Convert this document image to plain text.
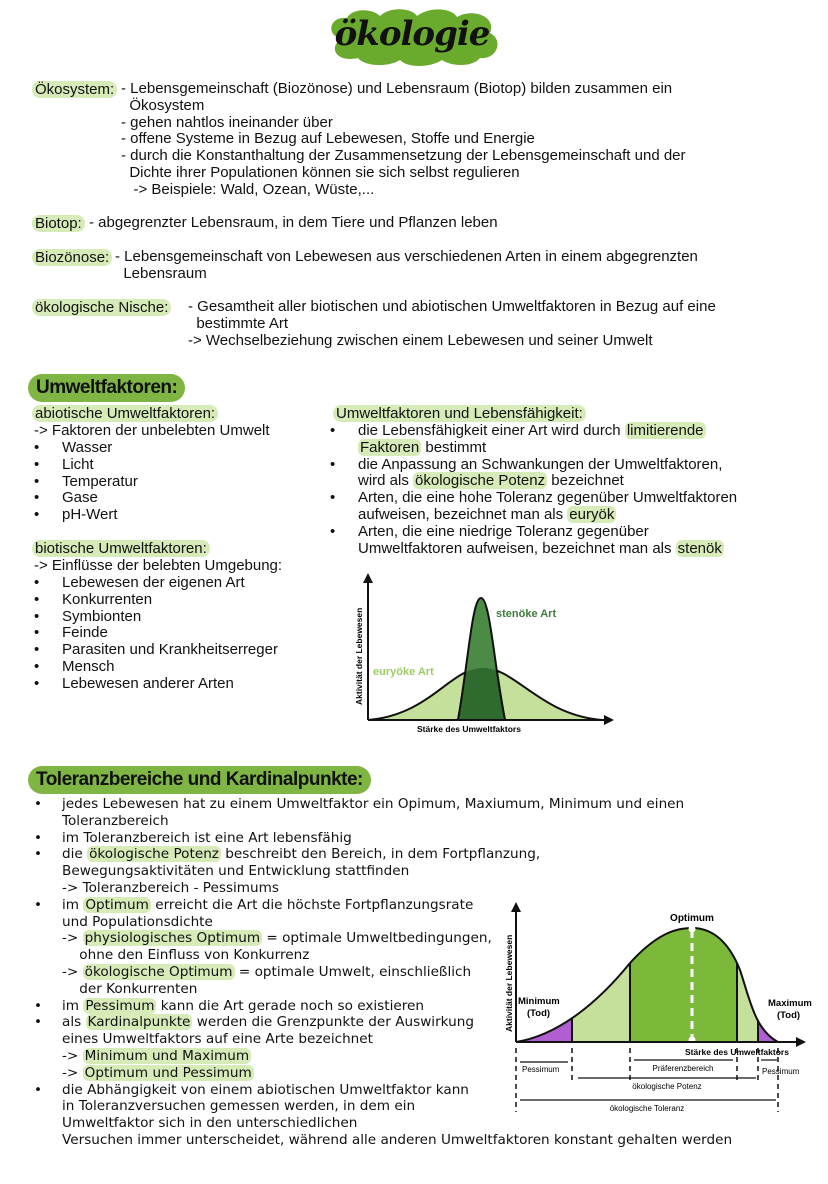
ökologie
Ökosystem: - Lebensgemeinschaft (Biozönose) und Lebensraum (Biotop) bilden zusammen ein
Ökosystem
- gehen nahtlos ineinander über
- offene Systeme in Bezug auf Lebewesen, Stoffe und Energie
- durch die Konstanthaltung der Zusammensetzung der Lebensgemeinschaft und der
Dichte ihrer Populationen können sie sich selbst regulieren
-> Beispiele: Wald, Ozean, Wüste,...
Biotop: - abgegrenzter Lebensraum, in dem Tiere und Pflanzen leben
Biozönose: - Lebensgemeinschaft von Lebewesen aus verschiedenen Arten in einem abgegrenzten
Lebensraum
ökologische Nische: - Gesamtheit aller biotischen und abiotischen Umweltfaktoren in Bezug auf eine
bestimmte Art
-> Wechselbeziehung zwischen einem Lebewesen und seiner Umwelt
Umweltfaktoren:
abiotische Umweltfaktoren:
-> Faktoren der unbelebten Umwelt
• Wasser
• Licht
• Temperatur
• Gase
• pH-Wert
biotische Umweltfaktoren:
-> Einflüsse der belebten Umgebung:
• Lebewesen der eigenen Art
• Konkurrenten
• Symbionten
• Feinde
• Parasiten und Krankheitserreger
• Mensch
• Lebewesen anderer Arten
Umweltfaktoren und Lebensfähigkeit:
• die Lebensfähigkeit einer Art wird durch limitierende
Faktoren bestimmt
• die Anpassung an Schwankungen der Umweltfaktoren,
wird als ökologische Potenz bezeichnet
• Arten, die eine hohe Toleranz gegenüber Umweltfaktoren
aufweisen, bezeichnet man als euryök
• Arten, die eine niedrige Toleranz gegenüber
Umweltfaktoren aufweisen, bezeichnet man als stenök
stenöke Art
euryöke Art
Aktivität der Lebewesen
Stärke des Umweltfaktors
Toleranzbereiche und Kardinalpunkte:
• jedes Lebewesen hat zu einem Umweltfaktor ein Opimum, Maxiumum, Minimum und einen
Toleranzbereich
• im Toleranzbereich ist eine Art lebensfähig
• die ökologische Potenz beschreibt den Bereich, in dem Fortpflanzung,
Bewegungsaktivitäten und Entwicklung stattfinden
-> Toleranzbereich - Pessimums
• im Optimum erreicht die Art die höchste Fortpflanzungsrate
und Populationsdichte
-> physiologisches Optimum = optimale Umweltbedingungen,
ohne den Einfluss von Konkurrenz
-> ökologische Optimum = optimale Umwelt, einschließlich
der Konkurrenten
• im Pessimum kann die Art gerade noch so existieren
• als Kardinalpunkte werden die Grenzpunkte der Auswirkung
eines Umweltfaktors auf eine Arte bezeichnet
-> Minimum und Maximum
-> Optimum und Pessimum
• die Abhängigkeit von einem abiotischen Umweltfaktor kann
in Toleranzversuchen gemessen werden, in dem ein
Umweltfaktor sich in den unterschiedlichen
Versuchen immer unterscheidet, während alle anderen Umweltfaktoren konstant gehalten werden
Optimum
Minimum
(Tod)
Maximum
(Tod)
Stärke des Umweltfaktors
Aktivität der Lebewesen
Pessimum	Präferenzbereich	Pessimum
ökologische Potenz
ökologische Toleranz
